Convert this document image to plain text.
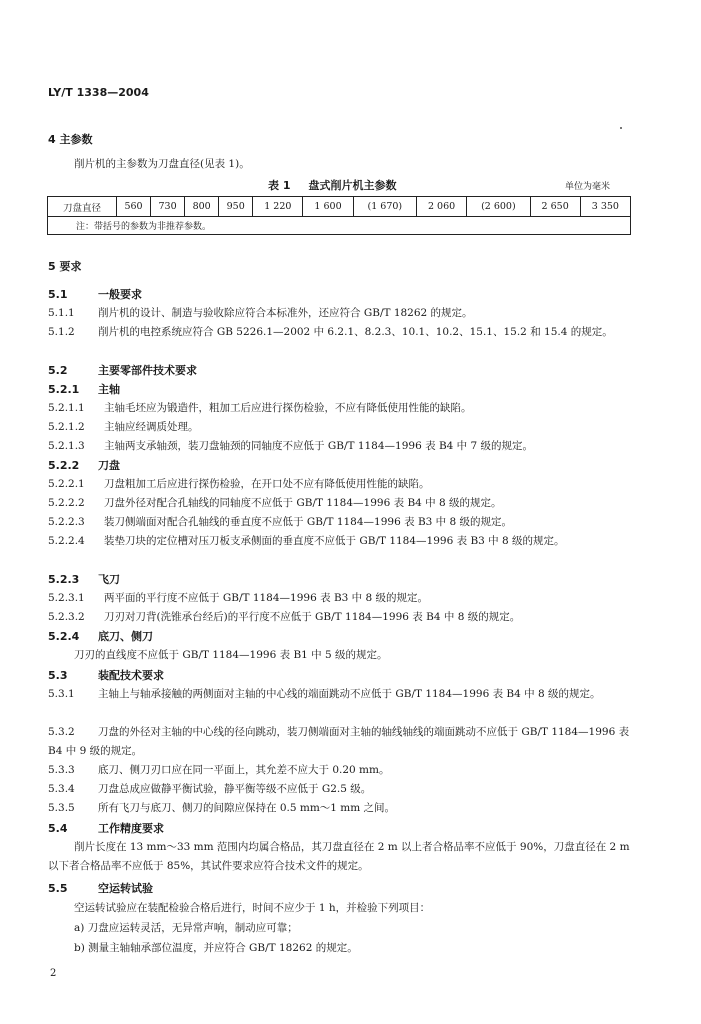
LY/T 1338—2004
4 主参数
削片机的主参数为刀盘直径(见表 1)。
表 1 盘式削片机主参数	单位为毫米
刀盘直径	560	730	800	950	1 220	1 600	(1 670)	2 060	(2 600)	2 650	3 350
注：带括号的参数为非推荐参数。
5 要求
5.1	一般要求
5.1.1 削片机的设计、制造与验收除应符合本标准外，还应符合 GB/T 18262 的规定。
5.1.2 削片机的电控系统应符合 GB 5226.1—2002 中 6.2.1、8.2.3、10.1、10.2、15.1、15.2 和 15.4 的规定。
5.2	主要零部件技术要求
5.2.1 主轴
5.2.1.1 主轴毛坯应为锻造件，粗加工后应进行探伤检验，不应有降低使用性能的缺陷。
5.2.1.2 主轴应经调质处理。
5.2.1.3 主轴两支承轴颈，装刀盘轴颈的同轴度不应低于 GB/T 1184—1996 表 B4 中 7 级的规定。
5.2.2 刀盘
5.2.2.1 刀盘粗加工后应进行探伤检验，在开口处不应有降低使用性能的缺陷。
5.2.2.2 刀盘外径对配合孔轴线的同轴度不应低于 GB/T 1184—1996 表 B4 中 8 级的规定。
5.2.2.3 装刀侧端面对配合孔轴线的垂直度不应低于 GB/T 1184—1996 表 B3 中 8 级的规定。
5.2.2.4 装垫刀块的定位槽对压刀板支承侧面的垂直度不应低于 GB/T 1184—1996 表 B3 中 8 级的规定。
5.2.3 飞刀
5.2.3.1 两平面的平行度不应低于 GB/T 1184—1996 表 B3 中 8 级的规定。
5.2.3.2 刀刃对刀背(洗锥承台经后)的平行度不应低于 GB/T 1184—1996 表 B4 中 8 级的规定。
5.2.4 底刀、侧刀
刀刃的直线度不应低于 GB/T 1184—1996 表 B1 中 5 级的规定。
5.3	装配技术要求
5.3.1 主轴上与轴承接触的两侧面对主轴的中心线的端面跳动不应低于 GB/T 1184—1996 表 B4 中 8 级的规定。
5.3.2 刀盘的外径对主轴的中心线的径向跳动，装刀侧端面对主轴的轴线轴线的端面跳动不应低于 GB/T 1184—1996 表 B4 中 9 级的规定。
5.3.3 底刀、侧刀刃口应在同一平面上，其允差不应大于 0.20 mm。
5.3.4 刀盘总成应做静平衡试验，静平衡等级不应低于 G2.5 级。
5.3.5 所有飞刀与底刀、侧刀的间隙应保持在 0.5 mm～1 mm 之间。
5.4	工作精度要求
削片长度在 13 mm～33 mm 范围内均属合格品，其刀盘直径在 2 m 以上者合格品率不应低于 90%，刀盘直径在 2 m 以下者合格品率不应低于 85%，其试件要求应符合技术文件的规定。
5.5	空运转试验
空运转试验应在装配检验合格后进行，时间不应少于 1 h，并检验下列项目：
a) 刀盘应运转灵活，无异常声响，制动应可靠；
b) 测量主轴轴承部位温度，并应符合 GB/T 18262 的规定。
2
